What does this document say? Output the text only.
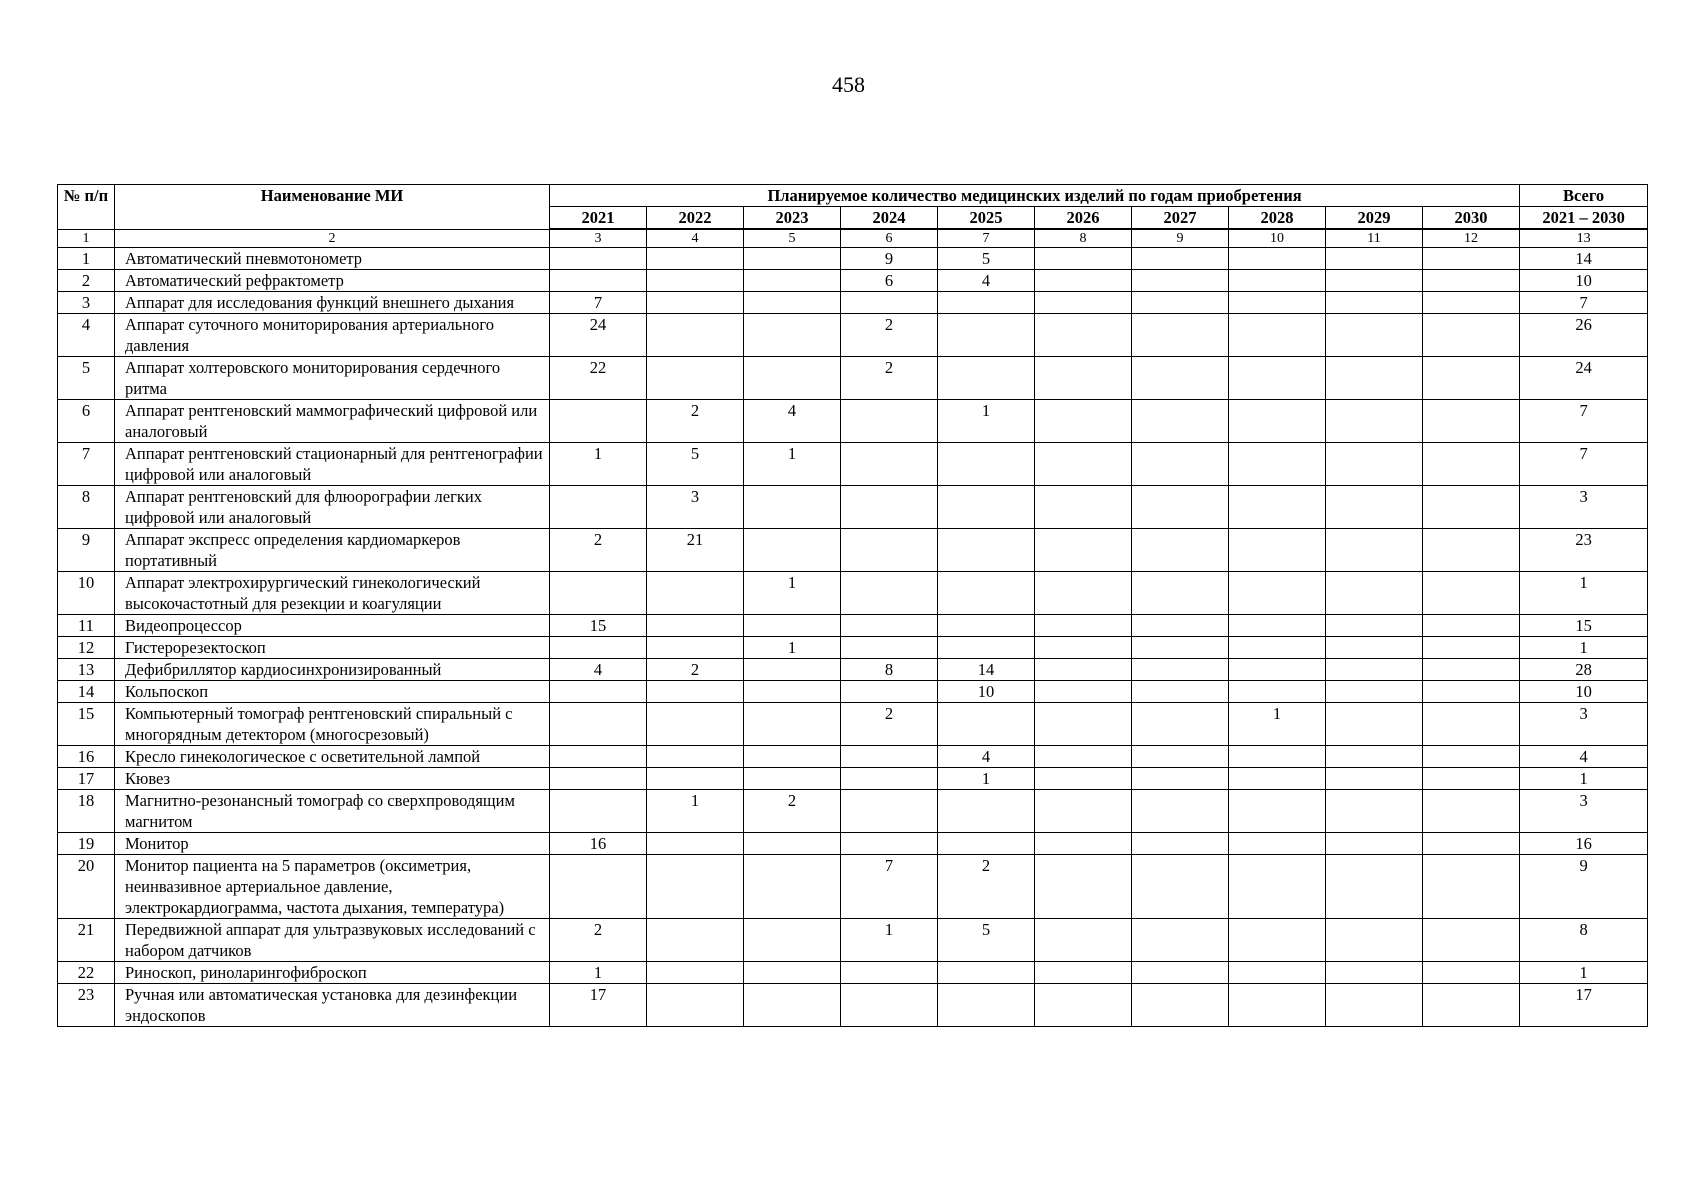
458
№ п/п	Наименование МИ	Планируемое количество медицинских изделий по годам приобретения										Всего
		2021	2022	2023	2024	2025	2026	2027	2028	2029	2030	2021 – 2030
1	2	3	4	5	6	7	8	9	10	11	12	13
1	Автоматический пневмотонометр				9	5						14
2	Автоматический рефрактометр				6	4						10
3	Аппарат для исследования функций внешнего дыхания	7										7
4	Аппарат суточного мониторирования артериального давления	24			2							26
5	Аппарат холтеровского мониторирования сердечного ритма	22			2							24
6	Аппарат рентгеновский маммографический цифровой или аналоговый		2	4		1						7
7	Аппарат рентгеновский стационарный для рентгенографии цифровой или аналоговый	1	5	1								7
8	Аппарат рентгеновский для флюорографии легких цифровой или аналоговый		3									3
9	Аппарат экспресс определения кардиомаркеров портативный	2	21									23
10	Аппарат электрохирургический гинекологический высокочастотный для резекции и коагуляции			1								1
11	Видеопроцессор	15										15
12	Гистерорезектоскоп			1								1
13	Дефибриллятор кардиосинхронизированный	4	2		8	14						28
14	Кольпоскоп					10						10
15	Компьютерный томограф рентгеновский спиральный с многорядным детектором (многосрезовый)				2				1			3
16	Кресло гинекологическое с осветительной лампой					4						4
17	Кювез					1						1
18	Магнитно-резонансный томограф со сверхпроводящим магнитом		1	2								3
19	Монитор	16										16
20	Монитор пациента на 5 параметров (оксиметрия, неинвазивное артериальное давление, электрокардиограмма, частота дыхания, температура)				7	2						9
21	Передвижной аппарат для ультразвуковых исследований с набором датчиков	2			1	5						8
22	Риноскоп, риноларингофиброскоп	1										1
23	Ручная или автоматическая установка для дезинфекции эндоскопов	17										17
